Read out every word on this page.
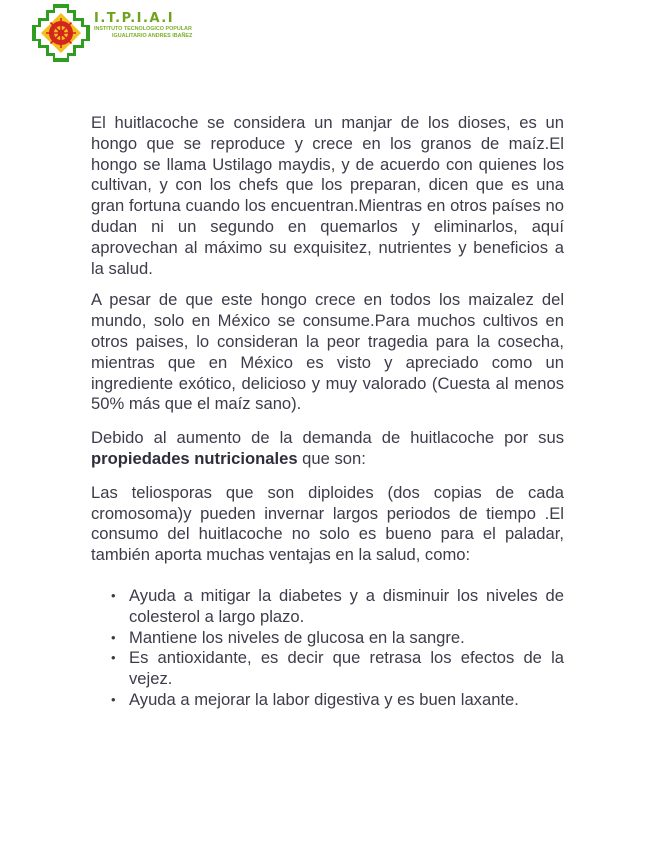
I.T.P.I.A.I
INSTITUTO TECNOLOGICO POPULAR
IGUALITARIO ANDRES IBAÑEZ

El huitlacoche se considera un manjar de los dioses, es un hongo que se reproduce y crece en los granos de maíz.El hongo se llama Ustilago maydis, y de acuerdo con quienes los cultivan, y con los chefs que los preparan, dicen que es una gran fortuna cuando los encuentran.Mientras en otros países no dudan ni un segundo en quemarlos y eliminarlos, aquí aprovechan al máximo su exquisitez, nutrientes y beneficios a la salud.

A pesar de que este hongo crece en todos los maizalez del mundo, solo en México se consume.Para muchos cultivos en otros paises, lo consideran la peor tragedia para la cosecha, mientras que en México es visto y apreciado como un ingrediente exótico, delicioso y muy valorado (Cuesta al menos 50% más que el maíz sano).

Debido al aumento de la demanda de huitlacoche por sus propiedades nutricionales que son:

Las teliosporas que son diploides (dos copias de cada cromosoma)y pueden invernar largos periodos de tiempo .El consumo del huitlacoche no solo es bueno para el paladar, también aporta muchas ventajas en la salud, como:

• Ayuda a mitigar la diabetes y a disminuir los niveles de colesterol a largo plazo.
• Mantiene los niveles de glucosa en la sangre.
• Es antioxidante, es decir que retrasa los efectos de la vejez.
• Ayuda a mejorar la labor digestiva y es buen laxante.
